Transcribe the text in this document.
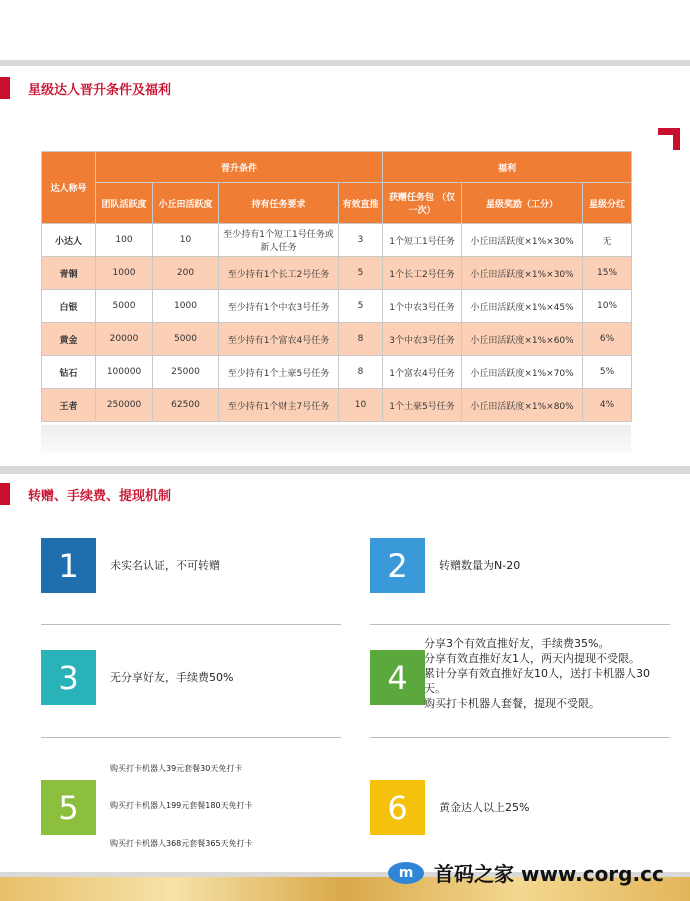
星级达人晋升条件及福利
达人称号	晋升条件				福利		
	团队活跃度	小丘田活跃度	持有任务要求	有效直推	获赠任务包 （仅一次）	星级奖励（工分）	星级分红
小达人	100	10	至少持有1个短工1号任务或新人任务	3	1个短工1号任务	小丘田活跃度×1%×30%	无
青铜	1000	200	至少持有1个长工2号任务	5	1个长工2号任务	小丘田活跃度×1%×30%	15%
白银	5000	1000	至少持有1个中农3号任务	5	1个中农3号任务	小丘田活跃度×1%×45%	10%
黄金	20000	5000	至少持有1个富农4号任务	8	3个中农3号任务	小丘田活跃度×1%×60%	6%
钻石	100000	25000	至少持有1个土豪5号任务	8	1个富农4号任务	小丘田活跃度×1%×70%	5%
王者	250000	62500	至少持有1个财主7号任务	10	1个土豪5号任务	小丘田活跃度×1%×80%	4%
转赠、手续费、提现机制
1	未实名认证，不可转赠	2	转赠数量为N-20
3	无分享好友，手续费50%	4
分享3个有效直推好友，手续费35%。
分享有效直推好友1人，两天内提现不受限。
累计分享有效直推好友10人，送打卡机器人30
天。
购买打卡机器人套餐，提现不受限。
5
购买打卡机器人39元套餐30天免打卡
购买打卡机器人199元套餐180天免打卡
购买打卡机器人368元套餐365天免打卡
6	黄金达人以上25%
m	首码之家 www.corg.cc
